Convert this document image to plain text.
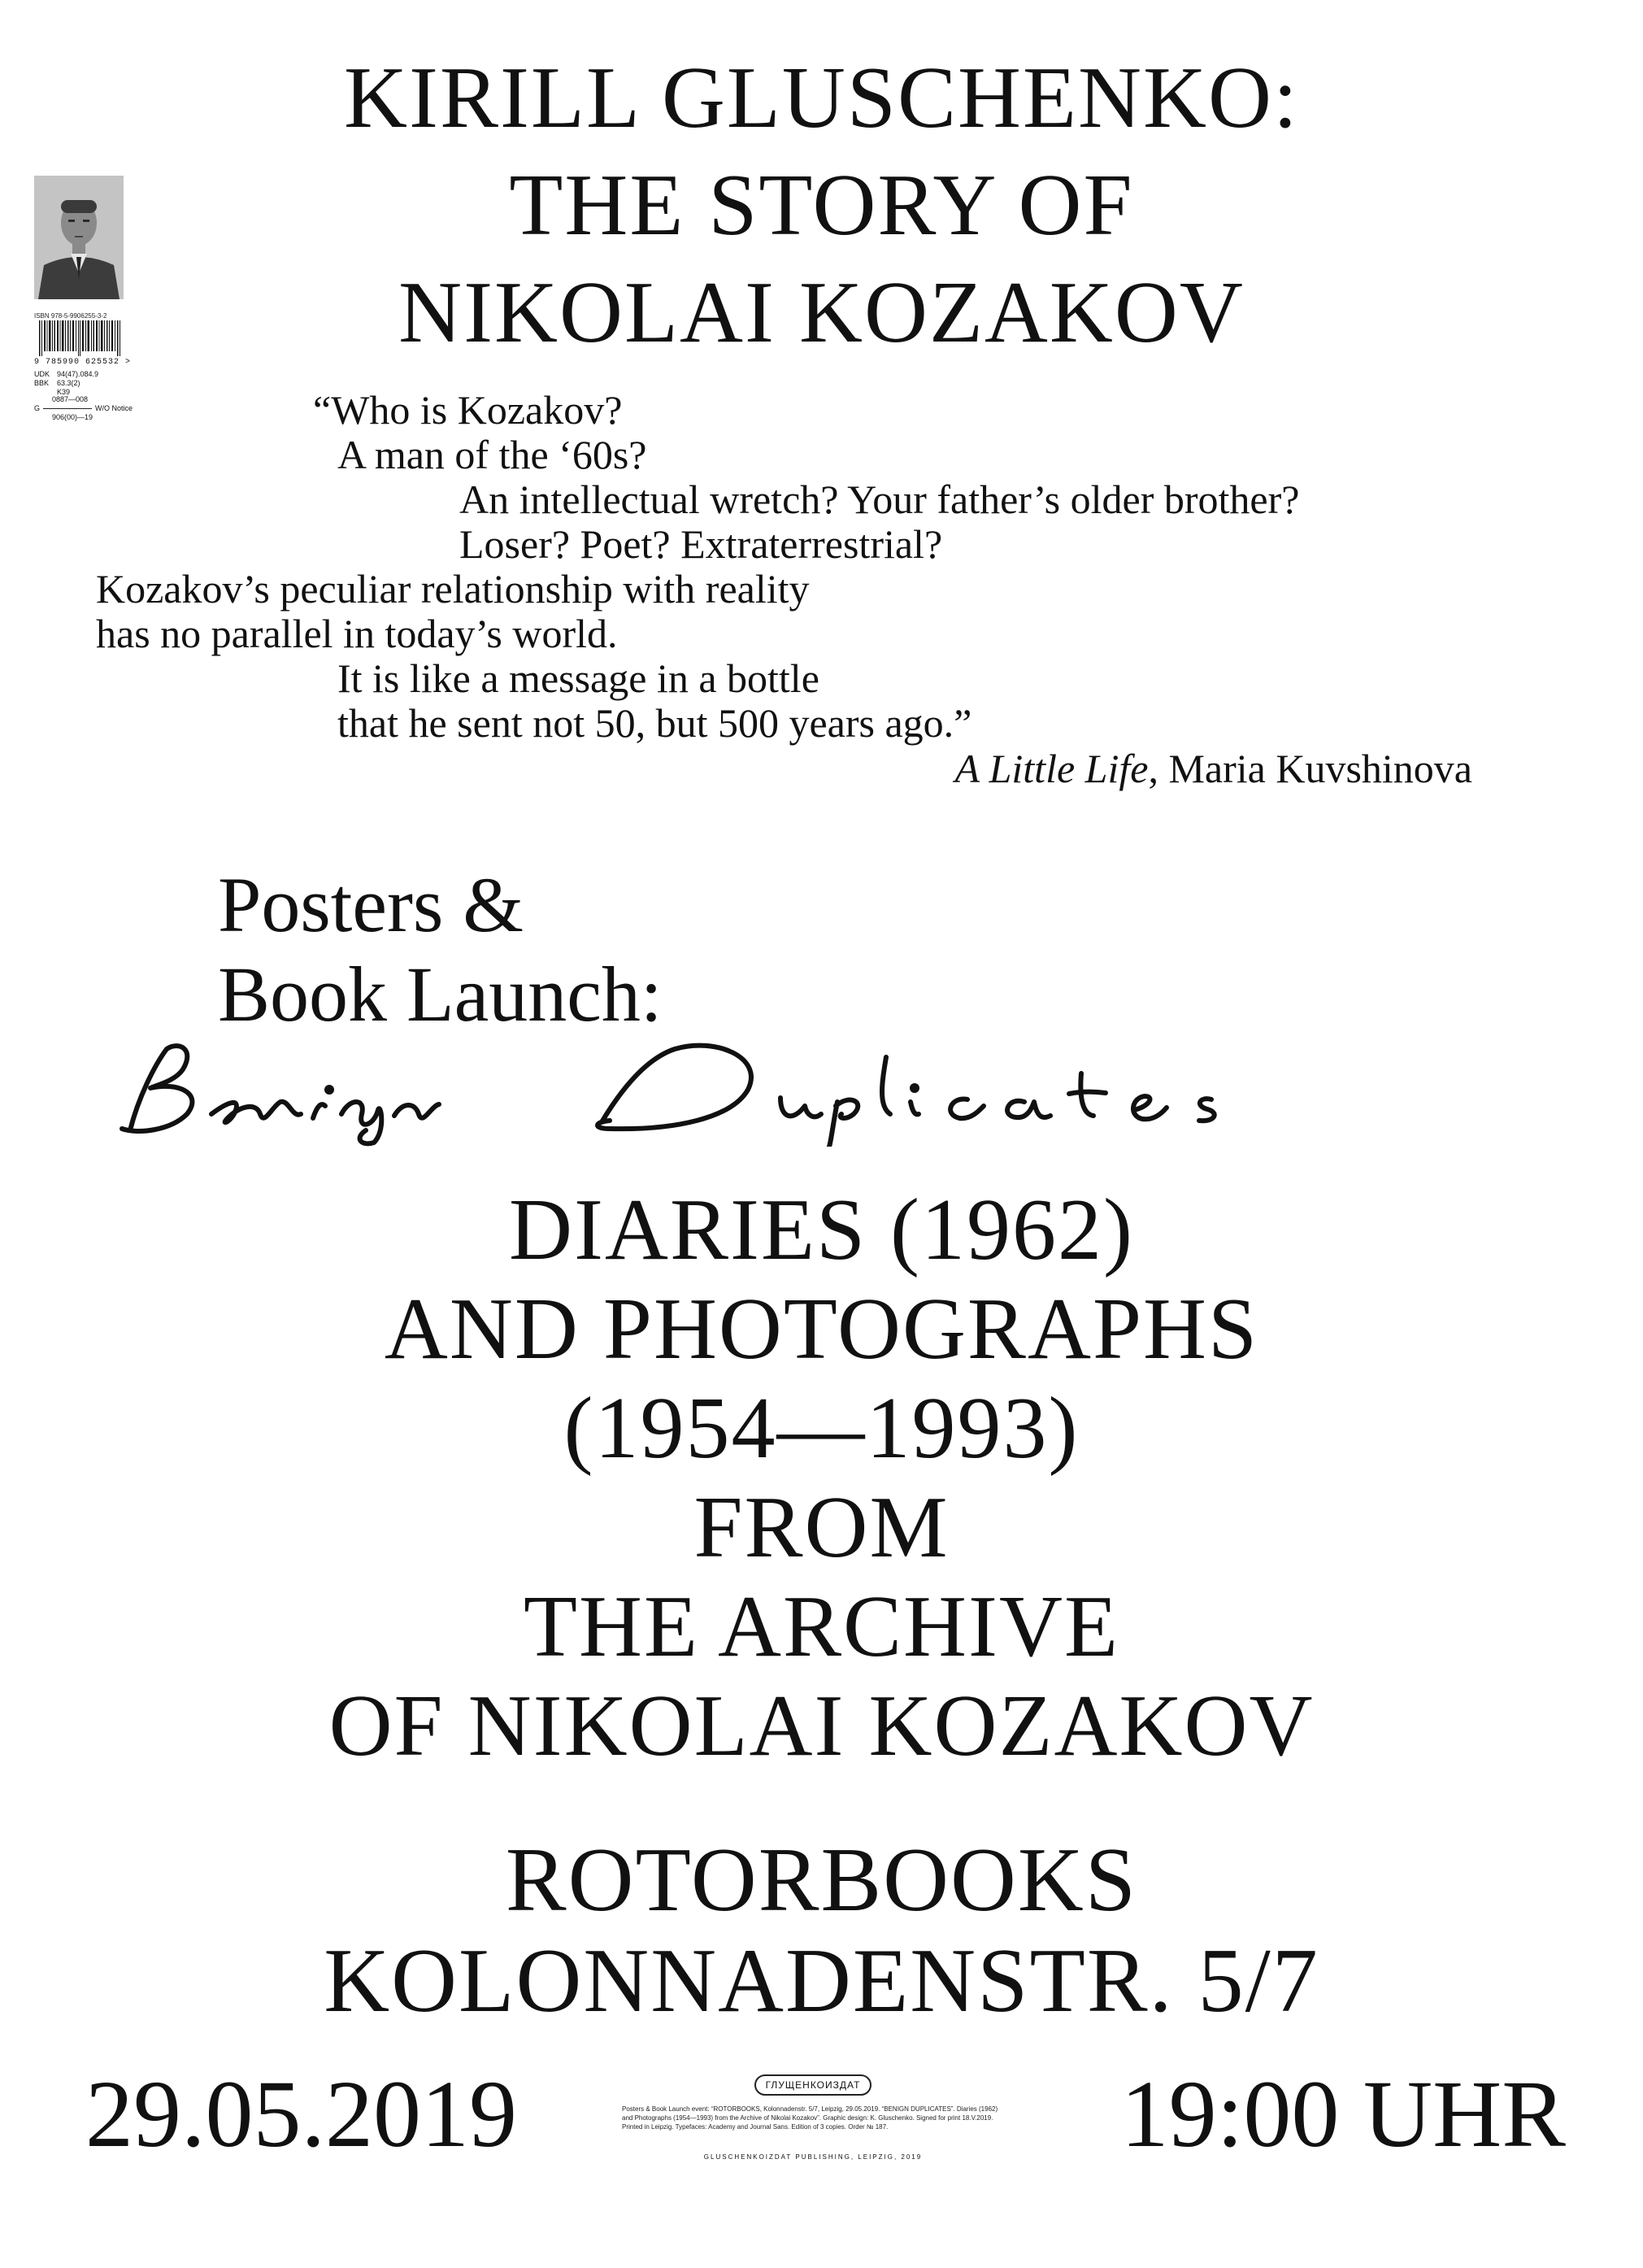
KIRILL GLUSCHENKO:
THE STORY OF
NIKOLAI KOZAKOV
ISBN 978-5-9906255-3-2
9 785990 625532 >
UDK 94(47).084.9
BBK	63.3(2)
K39
0887—008
G	W/O Notice
906(00)—19	“Who is Kozakov?
A man of the ‘60s?
An intellectual wretch? Your father’s older brother?
Loser? Poet? Extraterrestrial?
Kozakov’s peculiar relationship with reality
has no parallel in today’s world.
It is like a message in a bottle
that he sent not 50, but 500 years ago.”
A Little Life, Maria Kuvshinova
Posters &
Book Launch:
DIARIES (1962)
AND PHOTOGRAPHS
(1954—1993)
FROM
THE ARCHIVE
OF NIKOLAI KOZAKOV
ROTORBOOKS
KOLONNADENSTR. 5/7
29.05.2019	19:00 UHR
ГЛУЩЕНКОИЗДАТ
Posters & Book Launch event: “ROTORBOOKS, Kolonnadenstr. 5/7, Leipzig, 29.05.2019. “BENIGN DUPLICATES”. Diaries (1962) and Photographs (1954—1993) from the Archive of Nikolai Kozakov”. Graphic design: K. Gluschenko. Signed for print 18.V.2019. Printed in Leipzig. Typefaces: Academy and Journal Sans. Edition of 3 copies. Order № 187.
GLUSCHENKOIZDAT PUBLISHING, LEIPZIG, 2019
